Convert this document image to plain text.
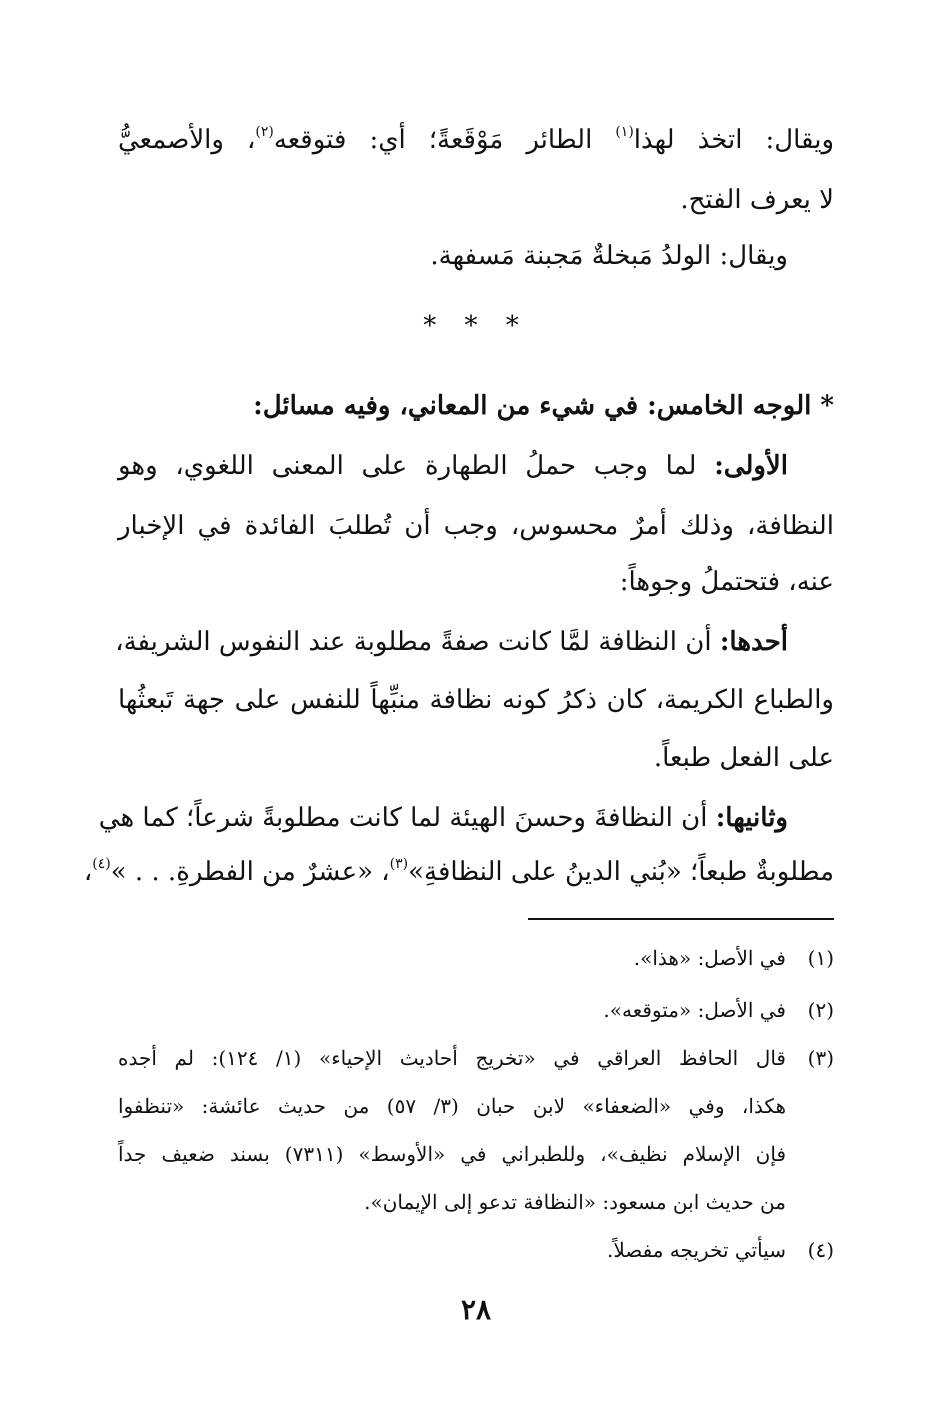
ويقال: اتخذ لهذا$^{(١)}$ الطائر مَوْقَعةً؛ أي: فتوقعه$^{(٢)}$، والأصمعيُّ
لا يعرف الفتح.
ويقال: الولدُ مَبخلةٌ مَجبنة مَسفهة.
* * *
* الوجه الخامس: في شيء من المعاني، وفيه مسائل:
الأولى: لما وجب حملُ الطهارة على المعنى اللغوي، وهو
النظافة، وذلك أمرٌ محسوس، وجب أن تُطلبَ الفائدة في الإخبار
عنه، فتحتملُ وجوهاً:
أحدها: أن النظافة لمَّا كانت صفةً مطلوبة عند النفوس الشريفة،
والطباع الكريمة، كان ذكرُ كونه نظافة منبِّهاً للنفس على جهة تَبعثُها
على الفعل طبعاً.
وثانيها: أن النظافةَ وحسنَ الهيئة لما كانت مطلوبةً شرعاً؛ كما هي
مطلوبةٌ طبعاً؛ «بُني الدينُ على النظافةِ»$^{(٣)}$، «عشرٌ من الفطرةِ. . . »$^{(٤)}$،
(١)في الأصل: «هذا».
(٢)في الأصل: «متوقعه».
(٣)قال الحافظ العراقي في «تخريج أحاديث الإحياء» (١/ ١٢٤): لم أجده
هكذا، وفي «الضعفاء» لابن حبان (٣/ ٥٧) من حديث عائشة: «تنظفوا
فإن الإسلام نظيف»، وللطبراني في «الأوسط» (٧٣١١) بسند ضعيف جداً
من حديث ابن مسعود: «النظافة تدعو إلى الإيمان».
(٤)سيأتي تخريجه مفصلاً.
٢٨
